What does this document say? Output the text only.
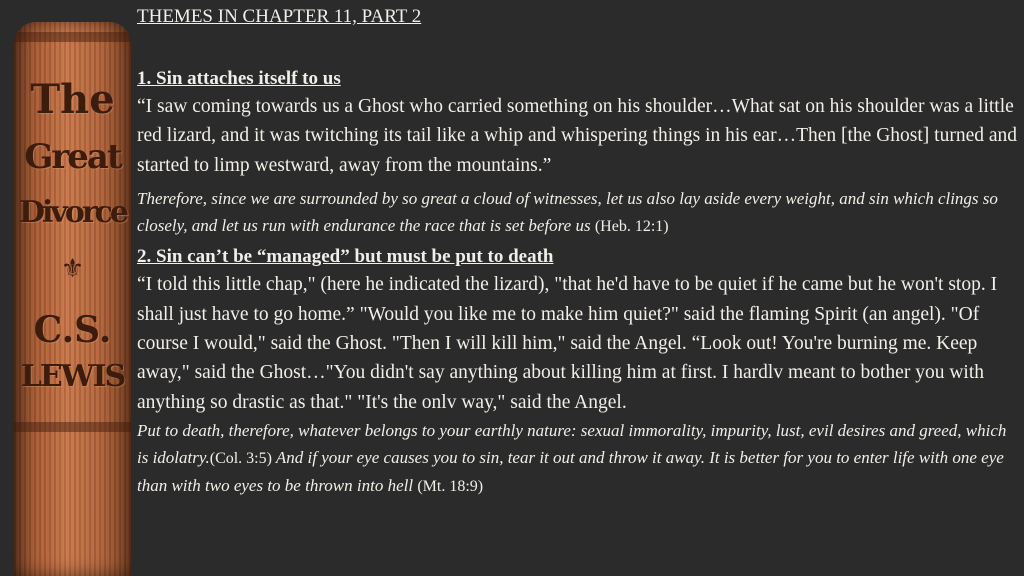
The
Great
Divorce
⚜
C.S.
LEWIS

THEMES IN CHAPTER 11, PART 2

1. Sin attaches itself to us

“I saw coming towards us a Ghost who carried something on his shoulder…What sat on his shoulder was a little red lizard, and it was twitching its tail like a whip and whispering things in his ear…Then [the Ghost] turned and started to limp westward, away from the mountains.”

Therefore, since we are surrounded by so great a cloud of witnesses, let us also lay aside every weight, and sin which clings so closely, and let us run with endurance the race that is set before us (Heb. 12:1)

2. Sin can’t be “managed” but must be put to death

“I told this little chap," (here he indicated the lizard), "that he'd have to be quiet if he came but he won't stop. I shall just have to go home.” "Would you like me to make him quiet?" said the flaming Spirit (an angel). "Of course I would," said the Ghost. "Then I will kill him," said the Angel. “Look out! You're burning me. Keep away," said the Ghost…"You didn't say anything about killing him at first. I hardlv meant to bother you with anything so drastic as that." "It's the onlv way," said the Angel.

Put to death, therefore, whatever belongs to your earthly nature: sexual immorality, impurity, lust, evil desires and greed, which is idolatry.(Col. 3:5) And if your eye causes you to sin, tear it out and throw it away. It is better for you to enter life with one eye than with two eyes to be thrown into hell (Mt. 18:9)
